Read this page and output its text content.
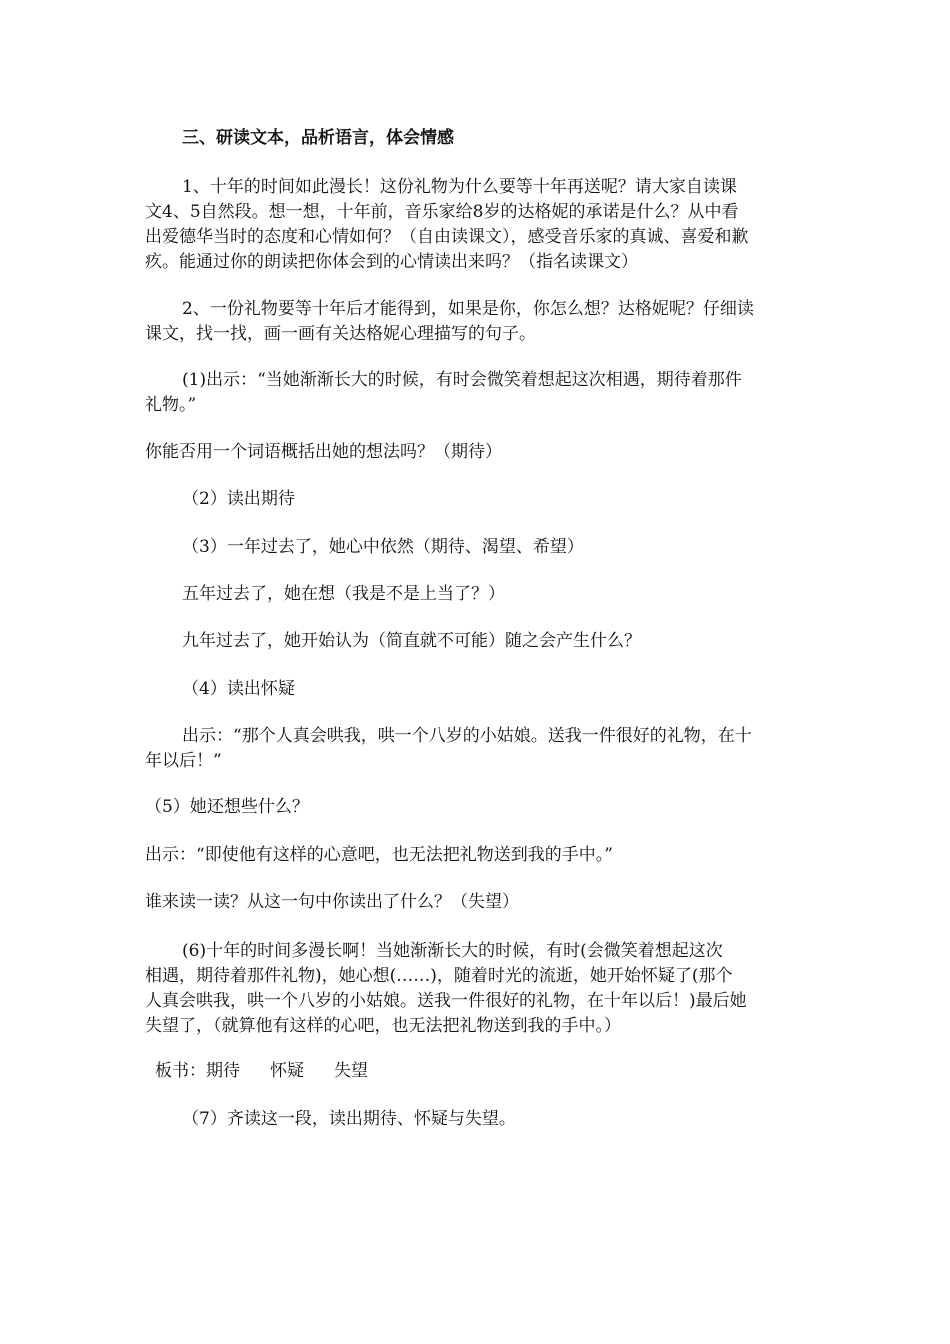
三、研读文本，品析语言，体会情感
1、十年的时间如此漫长！这份礼物为什么要等十年再送呢？请大家自读课
文4、5自然段。想一想，十年前，音乐家给8岁的达格妮的承诺是什么？从中看
出爱德华当时的态度和心情如何？（自由读课文），感受音乐家的真诚、喜爱和歉
疚。能通过你的朗读把你体会到的心情读出来吗？（指名读课文）
2、一份礼物要等十年后才能得到，如果是你，你怎么想？达格妮呢？仔细读
课文，找一找，画一画有关达格妮心理描写的句子。
(1)出示：“当她渐渐长大的时候，有时会微笑着想起这次相遇，期待着那件
礼物。”
你能否用一个词语概括出她的想法吗？（期待）
（2）读出期待
（3）一年过去了，她心中依然（期待、渴望、希望）
五年过去了，她在想（我是不是上当了？）
九年过去了，她开始认为（简直就不可能）随之会产生什么？
（4）读出怀疑
出示：“那个人真会哄我，哄一个八岁的小姑娘。送我一件很好的礼物，在十
年以后！”
（5）她还想些什么？
出示：“即使他有这样的心意吧，也无法把礼物送到我的手中。”
谁来读一读？从这一句中你读出了什么？（失望）
(6)十年的时间多漫长啊！当她渐渐长大的时候，有时(会微笑着想起这次
相遇，期待着那件礼物)，她心想(……)，随着时光的流逝，她开始怀疑了(那个
人真会哄我，哄一个八岁的小姑娘。送我一件很好的礼物，在十年以后！)最后她
失望了，（就算他有这样的心吧，也无法把礼物送到我的手中。）
板书：期待 怀疑 失望
（7）齐读这一段，读出期待、怀疑与失望。
